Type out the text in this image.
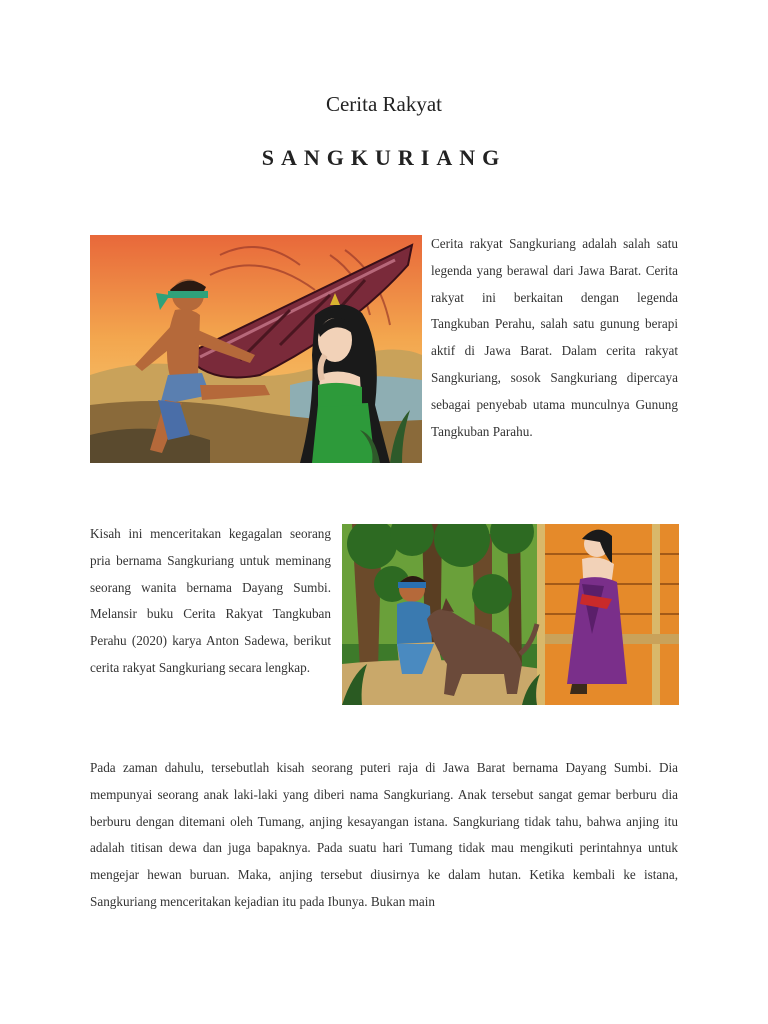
Cerita Rakyat
SANGKURIANG

Cerita rakyat Sangkuriang adalah salah satu legenda yang berawal dari Jawa Barat. Cerita rakyat ini berkaitan dengan legenda Tangkuban Perahu, salah satu gunung berapi aktif di Jawa Barat. Dalam cerita rakyat Sangkuriang, sosok Sangkuriang dipercaya sebagai penyebab utama munculnya Gunung Tangkuban Parahu.

Kisah ini menceritakan kegagalan seorang pria bernama Sangkuriang untuk meminang seorang wanita bernama Dayang Sumbi. Melansir buku Cerita Rakyat Tangkuban Perahu (2020) karya Anton Sadewa, berikut cerita rakyat Sangkuriang secara lengkap.

Pada zaman dahulu, tersebutlah kisah seorang puteri raja di Jawa Barat bernama Dayang Sumbi. Dia mempunyai seorang anak laki-laki yang diberi nama Sangkuriang. Anak tersebut sangat gemar berburu dia berburu dengan ditemani oleh Tumang, anjing kesayangan istana. Sangkuriang tidak tahu, bahwa anjing itu adalah titisan dewa dan juga bapaknya. Pada suatu hari Tumang tidak mau mengikuti perintahnya untuk mengejar hewan buruan. Maka, anjing tersebut diusirnya ke dalam hutan. Ketika kembali ke istana, Sangkuriang menceritakan kejadian itu pada Ibunya. Bukan main
